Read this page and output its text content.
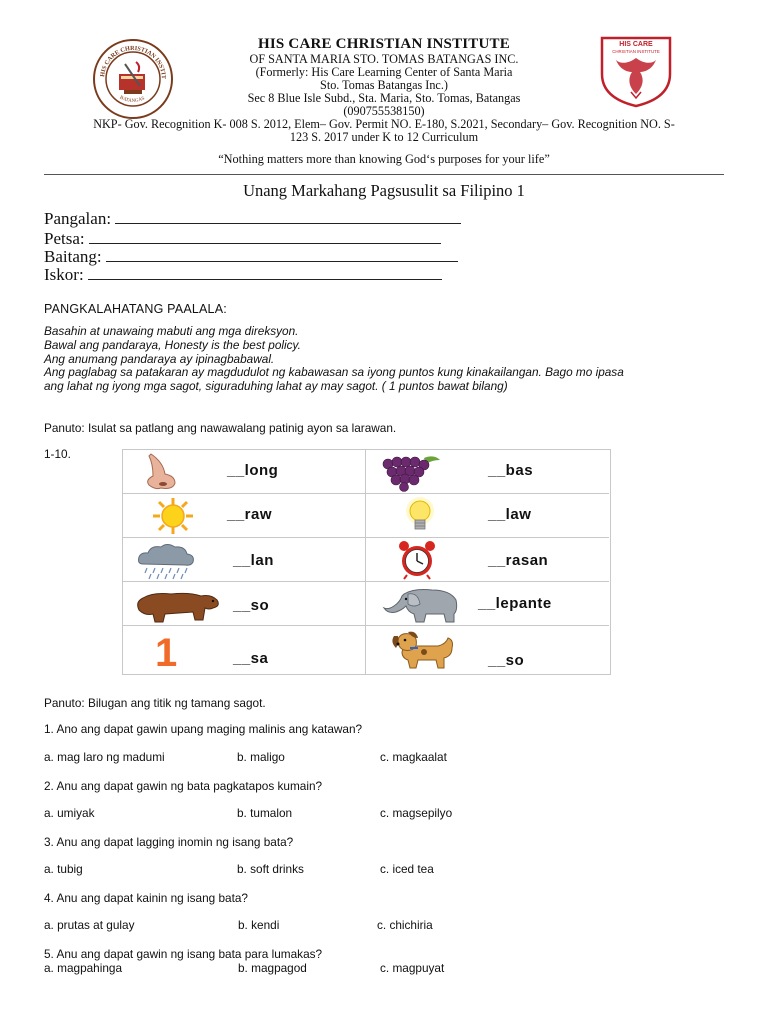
HIS CARE CHRISTIAN INSTIT
BATANGAS
HIS CARE
CHRISTIAN INSTITUTE
HIS CARE CHRISTIAN INSTITUTE
OF SANTA MARIA STO. TOMAS BATANGAS INC.
(Formerly: His Care Learning Center of Santa Maria
Sto. Tomas Batangas Inc.)
Sec 8 Blue Isle Subd., Sta. Maria, Sto. Tomas, Batangas
(090755538150)
NKP- Gov. Recognition K- 008 S. 2012, Elem– Gov. Permit NO. E-180, S.2021, Secondary– Gov. Recognition NO. S-
123 S. 2017 under K to 12 Curriculum
“Nothing matters more than knowing God‘s purposes for your life”
Unang Markahang Pagsusulit sa Filipino 1
Pangalan:
Petsa:
Baitang:
Iskor:
PANGKALAHATANG PAALALA:
Basahin at unawaing mabuti ang mga direksyon.
Bawal ang pandaraya, Honesty is the best policy.
Ang anumang pandaraya ay ipinagbabawal.
Ang paglabag sa patakaran ay magdudulot ng kabawasan sa iyong puntos kung kinakailangan. Bago mo ipasa
ang lahat ng iyong mga sagot, siguraduhing lahat ay may sagot. ( 1 puntos bawat bilang)
Panuto: Isulat sa patlang ang nawawalang patinig ayon sa larawan.
1-10.
__long	__bas
__raw	__law
__lan	__rasan
__so	__lepante
1	__sa	__so
Panuto: Bilugan ang titik ng tamang sagot.
1. Ano ang dapat gawin upang maging malinis ang katawan?
a. mag laro ng madumi	b. maligo	c. magkaalat
2. Anu ang dapat gawin ng bata pagkatapos kumain?
a. umiyak	b. tumalon	c. magsepilyo
3. Anu ang dapat lagging inomin ng isang bata?
a. tubig	b. soft drinks	c. iced tea
4. Anu ang dapat kainin ng isang bata?
a. prutas at gulay	b. kendi	c. chichiria
5. Anu ang dapat gawin ng isang bata para lumakas?
a. magpahinga	b. magpagod	c. magpuyat
